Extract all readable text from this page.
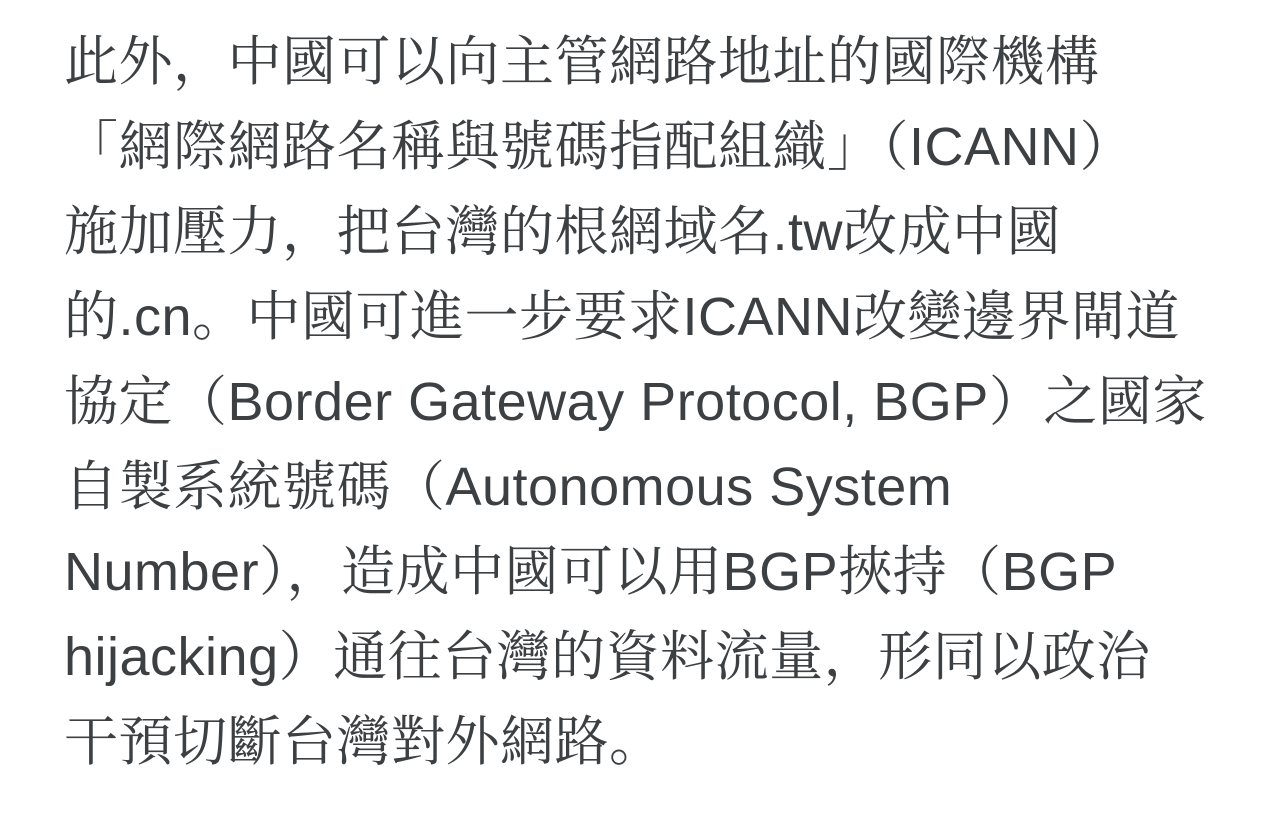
此外，中國可以向主管網路地址的國際機構
「網際網路名稱與號碼指配組織」（ICANN）
施加壓力，把台灣的根網域名.tw改成中國
的.cn。中國可進一步要求ICANN改變邊界閘道
協定（Border Gateway Protocol, BGP）之國家
自製系統號碼（Autonomous System
Number），造成中國可以用BGP挾持（BGP
hijacking）通往台灣的資料流量，形同以政治
干預切斷台灣對外網路。
